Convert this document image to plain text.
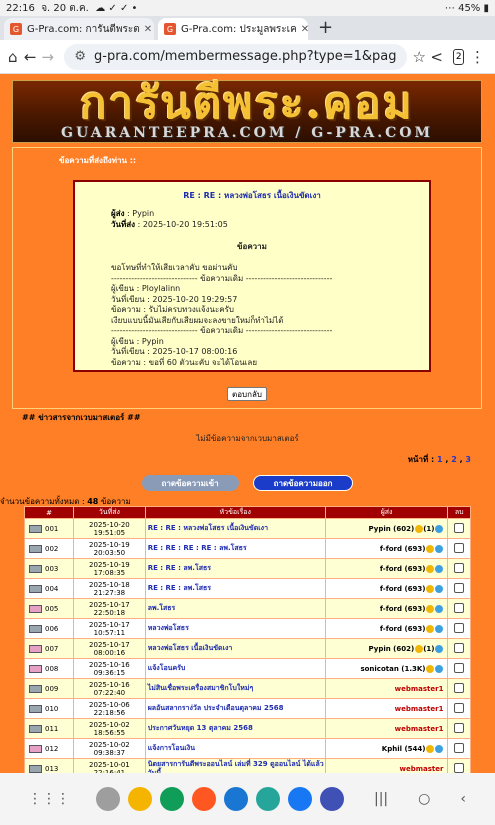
22:16 จ. 20 ต.ค.  ☁ ✓ ✓ •	⋯ 45% ▮
G G-Pra.com: การันตีพระต ✕	G G-Pra.com: ประมูลพระเค ✕ +
⌂ ← → ⚙ g-pra.com/membermessage.php?type=1&pag ☆ < 2 ⋮
การันตีพระ.คอม
GUARANTEEPRA.COM / G-PRA.COM
ข้อความที่ส่งถึงท่าน ::
RE : RE : หลวงพ่อโสธร เนื้อเงินขัดเงา
ผู้ส่ง : Pypin
วันที่ส่ง : 2025-10-20 19:51:05
ข้อความ
ขอโทษที่ทำให้เสียเวลาคับ ขอผ่านคับ
------------------------------ ข้อความเดิม ------------------------------
ผู้เขียน : Ploylalinn
วันที่เขียน : 2025-10-20 19:29:57
ข้อความ : รับไม่ครบทวงแจ้งนะครับ
เงียบแบบนี้มันเสียกับเสียผมจะลงขายใหม่ก็ทำไม่ได้
------------------------------ ข้อความเดิม ------------------------------
ผู้เขียน : Pypin
วันที่เขียน : 2025-10-17 08:00:16
ข้อความ : ขอที่ 60 ตัวนะคับ จะได้โอนเลย
ตอบกลับ
## ข่าวสารจากเวบมาสเตอร์ ##
ไม่มีข้อความจากเวบมาสเตอร์
หน้าที่ : 1 , 2 , 3
ถาดข้อความเข้า	ถาดข้อความออก
จำนวนข้อความทั้งหมด : 48 ข้อความ
#	วันที่ส่ง	หัวข้อเรื่อง	ผู้ส่ง	ลบ
001	2025-10-20 19:51:05	RE : RE : หลวงพ่อโสธร เนื้อเงินขัดเงา	Pypin (602) (1)	
002	2025-10-19 20:03:50	RE : RE : RE : RE : ลพ.โสธร	f-ford (693)	
003	2025-10-19 17:08:35	RE : RE : ลพ.โสธร	f-ford (693)	
004	2025-10-18 21:27:38	RE : RE : ลพ.โสธร	f-ford (693)	
005	2025-10-17 22:50:18	ลพ.โสธร	f-ford (693)	
006	2025-10-17 10:57:11	หลวงพ่อโสธร	f-ford (693)	
007	2025-10-17 08:00:16	หลวงพ่อโสธร เนื้อเงินขัดเงา	Pypin (602) (1)	
008	2025-10-16 09:36:15	แจ้งโอนครับ	sonicotan (1.3K)	
009	2025-10-16 07:22:40	ไม่สินเชื่อพระเครื่องสมาชิกโบใหม่ๆ	webmaster1	
010	2025-10-06 22:18:56	ผลอันสลากราง่วัล ประจำเดือนตุลาคม 2568	webmaster1	
011	2025-10-02 18:56:55	ประกาศวันหยุด 13 ตุลาคม 2568	webmaster1	
012	2025-10-02 09:38:37	แจ้งการโอนเงิน	Kphil (544)	
013	2025-10-01	นิตยสารการันตีพระออนไลน์ เล่มที่ 329 ดูออนไลน์ ได้แล้ว	webmaster	

⋮⋮⋮	||| ○ ‹
